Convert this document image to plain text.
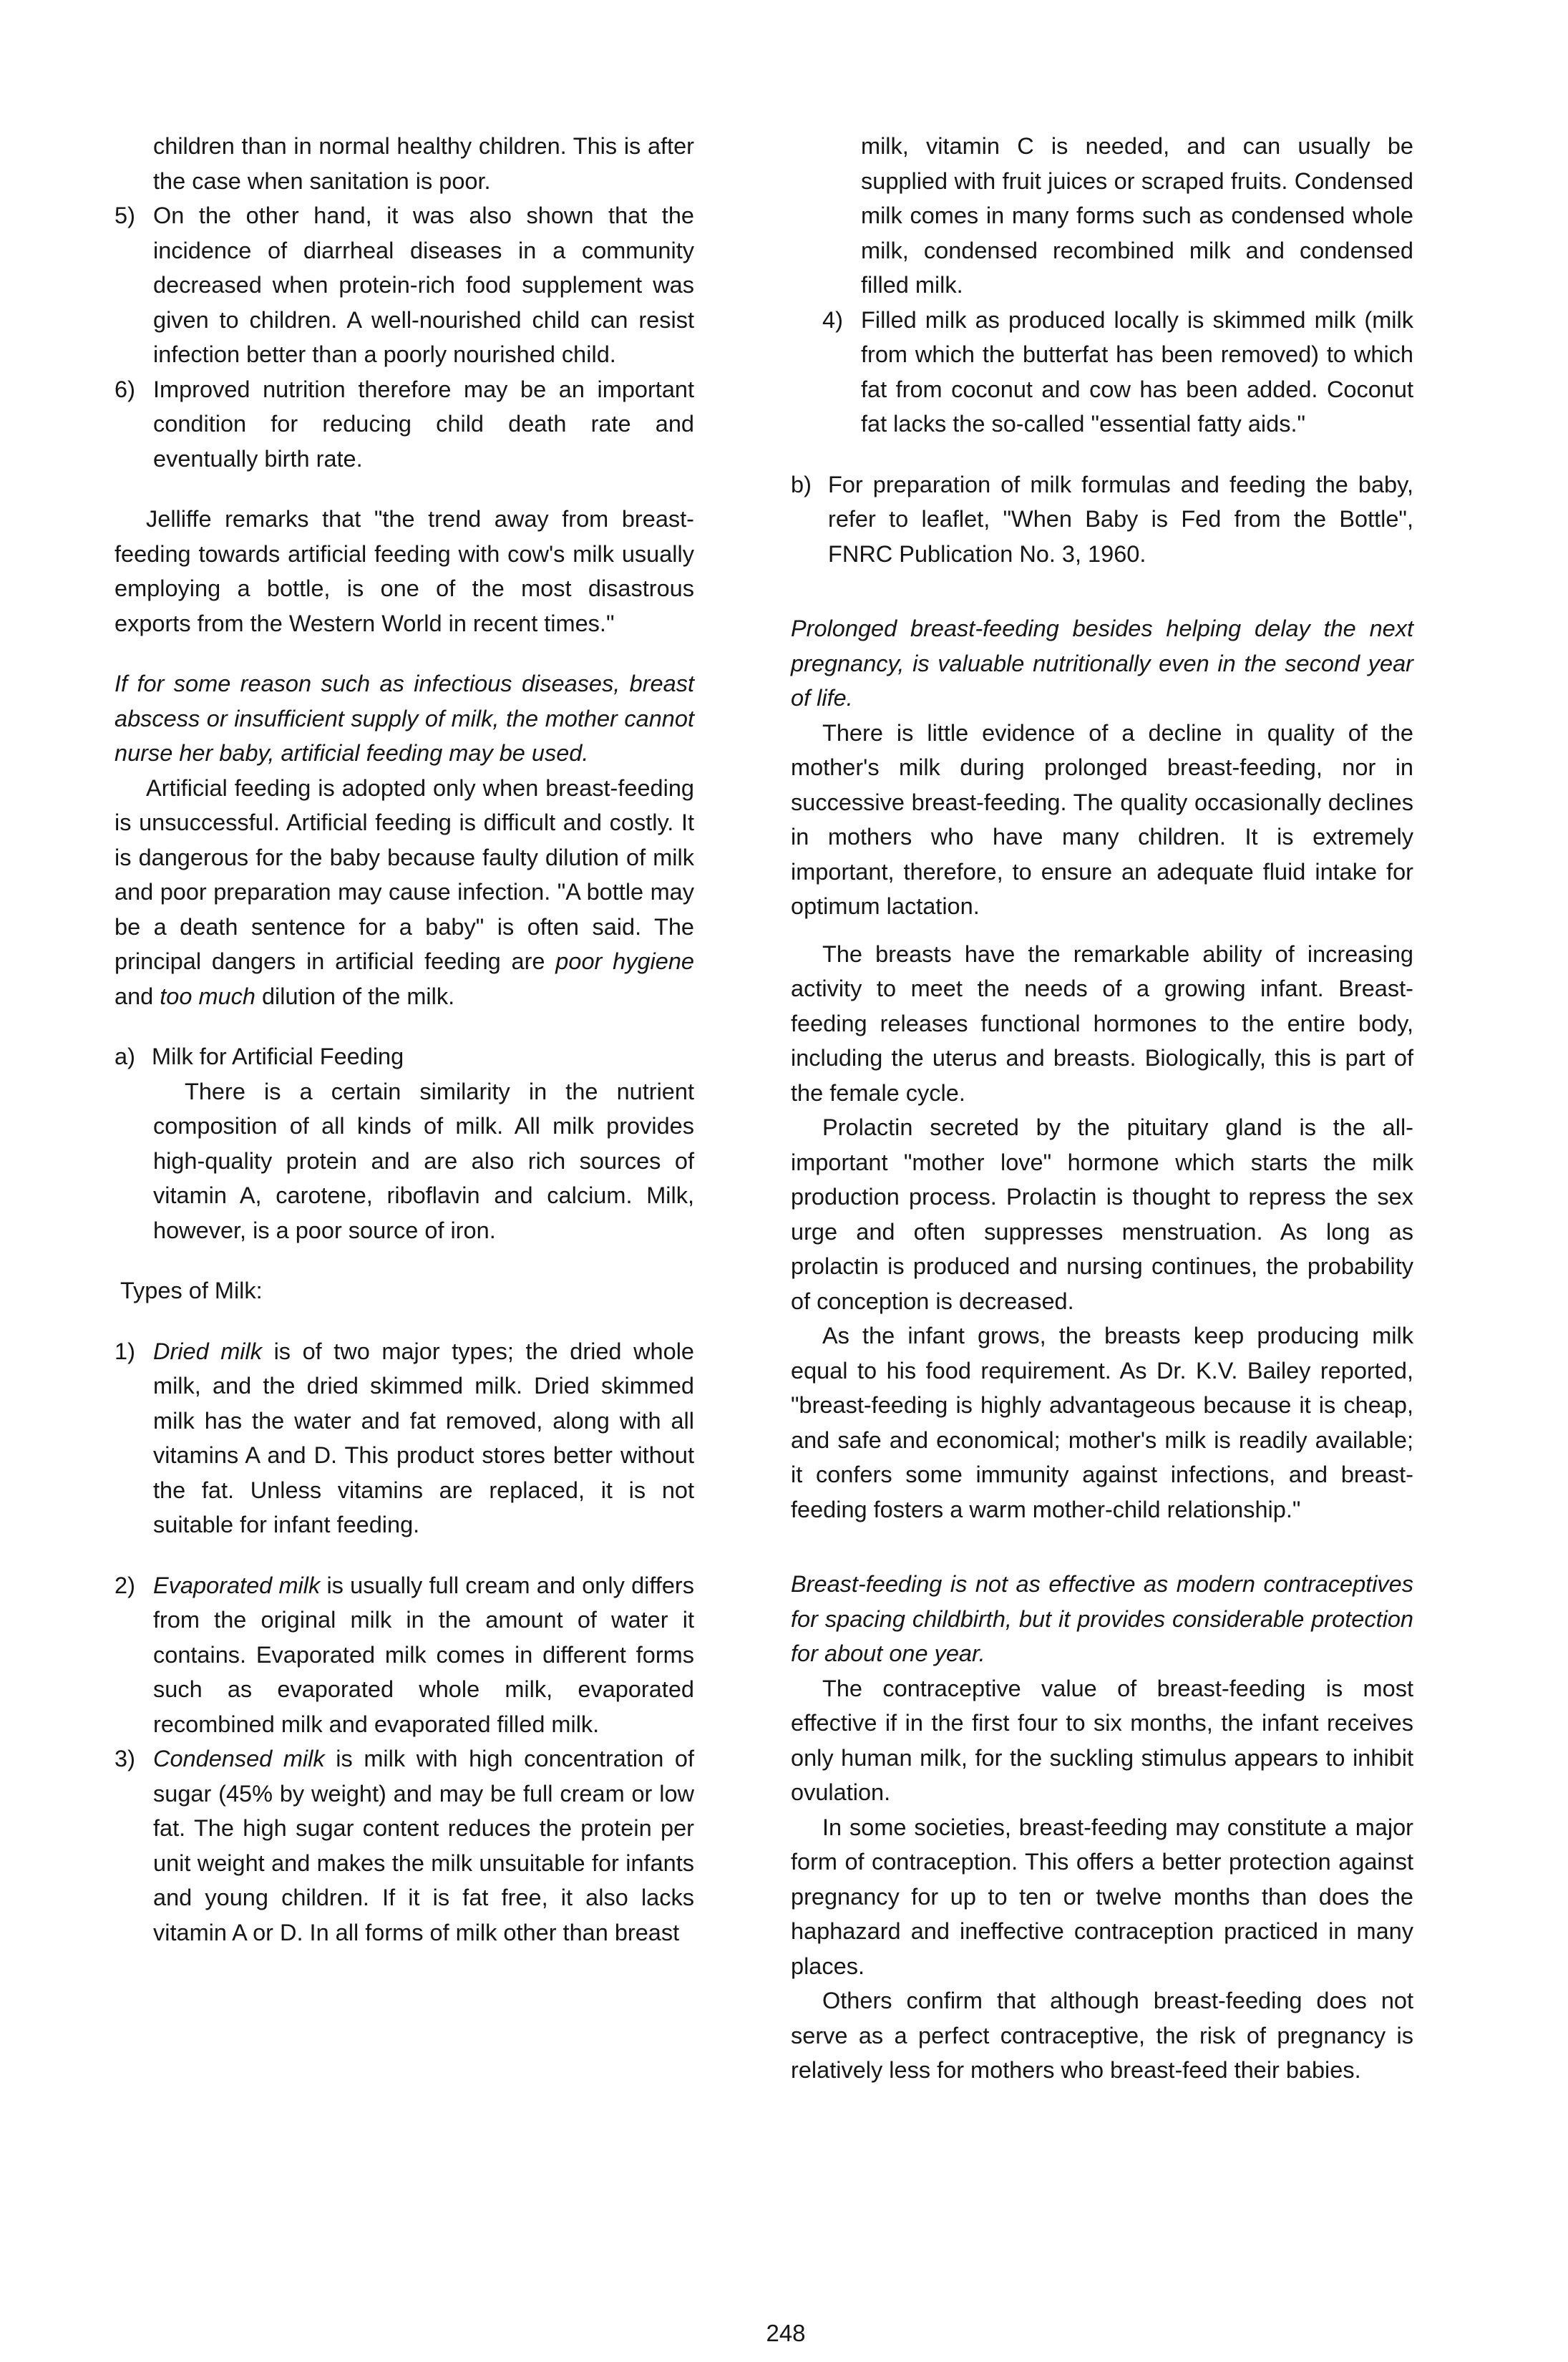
children than in normal healthy children. This is after the case when sanitation is poor.

5) On the other hand, it was also shown that the incidence of diarrheal diseases in a community decreased when protein-rich food supplement was given to children. A well-nourished child can resist infection better than a poorly nourished child.
6) Improved nutrition therefore may be an important condition for reducing child death rate and eventually birth rate.

Jelliffe remarks that "the trend away from breast-feeding towards artificial feeding with cow's milk usually employing a bottle, is one of the most disastrous exports from the Western World in recent times."

If for some reason such as infectious diseases, breast abscess or insufficient supply of milk, the mother cannot nurse her baby, artificial feeding may be used.

Artificial feeding is adopted only when breast-feeding is unsuccessful. Artificial feeding is difficult and costly. It is dangerous for the baby because faulty dilution of milk and poor preparation may cause infection. "A bottle may be a death sentence for a baby" is often said. The principal dangers in artificial feeding are poor hygiene and too much dilution of the milk.

a) Milk for Artificial Feeding

There is a certain similarity in the nutrient composition of all kinds of milk. All milk provides high-quality protein and are also rich sources of vitamin A, carotene, riboflavin and calcium. Milk, however, is a poor source of iron.

Types of Milk:

1) Dried milk is of two major types; the dried whole milk, and the dried skimmed milk. Dried skimmed milk has the water and fat removed, along with all vitamins A and D. This product stores better without the fat. Unless vitamins are replaced, it is not suitable for infant feeding.
2) Evaporated milk is usually full cream and only differs from the original milk in the amount of water it contains. Evaporated milk comes in different forms such as evaporated whole milk, evaporated recombined milk and evaporated filled milk.
3) Condensed milk is milk with high concentration of sugar (45% by weight) and may be full cream or low fat. The high sugar content reduces the protein per unit weight and makes the milk unsuitable for infants and young children. If it is fat free, it also lacks vitamin A or D. In all forms of milk other than breast

milk, vitamin C is needed, and can usually be supplied with fruit juices or scraped fruits. Condensed milk comes in many forms such as condensed whole milk, condensed recombined milk and condensed filled milk.

4) Filled milk as produced locally is skimmed milk (milk from which the butterfat has been removed) to which fat from coconut and cow has been added. Coconut fat lacks the so-called "essential fatty aids."
b) For preparation of milk formulas and feeding the baby, refer to leaflet, "When Baby is Fed from the Bottle", FNRC Publication No. 3, 1960.

Prolonged breast-feeding besides helping delay the next pregnancy, is valuable nutritionally even in the second year of life.

There is little evidence of a decline in quality of the mother's milk during prolonged breast-feeding, nor in successive breast-feeding. The quality occasionally declines in mothers who have many children. It is extremely important, therefore, to ensure an adequate fluid intake for optimum lactation.

The breasts have the remarkable ability of increasing activity to meet the needs of a growing infant. Breast-feeding releases functional hormones to the entire body, including the uterus and breasts. Biologically, this is part of the female cycle.

Prolactin secreted by the pituitary gland is the all-important "mother love" hormone which starts the milk production process. Prolactin is thought to repress the sex urge and often suppresses menstruation. As long as prolactin is produced and nursing continues, the probability of conception is decreased.

As the infant grows, the breasts keep producing milk equal to his food requirement. As Dr. K.V. Bailey reported, "breast-feeding is highly advantageous because it is cheap, and safe and economical; mother's milk is readily available; it confers some immunity against infections, and breast-feeding fosters a warm mother-child relationship."

Breast-feeding is not as effective as modern contraceptives for spacing childbirth, but it provides considerable protection for about one year.

The contraceptive value of breast-feeding is most effective if in the first four to six months, the infant receives only human milk, for the suckling stimulus appears to inhibit ovulation.

In some societies, breast-feeding may constitute a major form of contraception. This offers a better protection against pregnancy for up to ten or twelve months than does the haphazard and ineffective contraception practiced in many places.

Others confirm that although breast-feeding does not serve as a perfect contraceptive, the risk of pregnancy is relatively less for mothers who breast-feed their babies.

248
